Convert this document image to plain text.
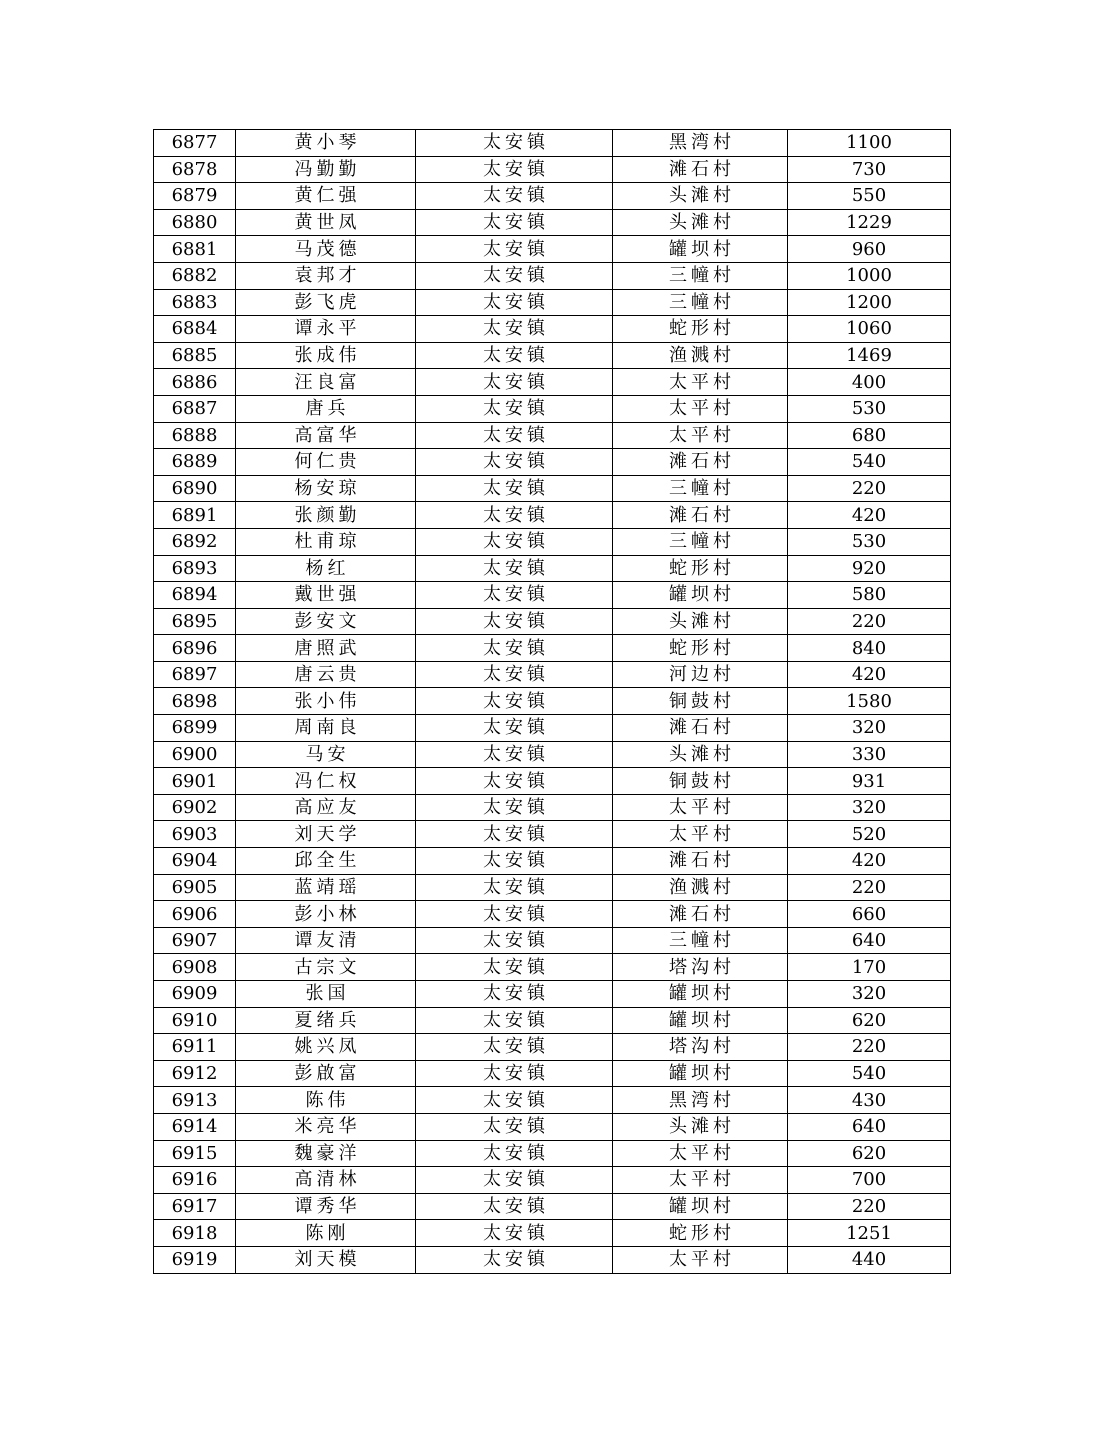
6877	黄小琴	太安镇	黑湾村	1100
6878	冯勤勤	太安镇	滩石村	730
6879	黄仁强	太安镇	头滩村	550
6880	黄世凤	太安镇	头滩村	1229
6881	马茂德	太安镇	罐坝村	960
6882	袁邦才	太安镇	三幢村	1000
6883	彭飞虎	太安镇	三幢村	1200
6884	谭永平	太安镇	蛇形村	1060
6885	张成伟	太安镇	渔溅村	1469
6886	汪良富	太安镇	太平村	400
6887	唐兵	太安镇	太平村	530
6888	高富华	太安镇	太平村	680
6889	何仁贵	太安镇	滩石村	540
6890	杨安琼	太安镇	三幢村	220
6891	张颜勤	太安镇	滩石村	420
6892	杜甫琼	太安镇	三幢村	530
6893	杨红	太安镇	蛇形村	920
6894	戴世强	太安镇	罐坝村	580
6895	彭安文	太安镇	头滩村	220
6896	唐照武	太安镇	蛇形村	840
6897	唐云贵	太安镇	河边村	420
6898	张小伟	太安镇	铜鼓村	1580
6899	周南良	太安镇	滩石村	320
6900	马安	太安镇	头滩村	330
6901	冯仁权	太安镇	铜鼓村	931
6902	高应友	太安镇	太平村	320
6903	刘天学	太安镇	太平村	520
6904	邱全生	太安镇	滩石村	420
6905	蓝靖瑶	太安镇	渔溅村	220
6906	彭小林	太安镇	滩石村	660
6907	谭友清	太安镇	三幢村	640
6908	古宗文	太安镇	塔沟村	170
6909	张国	太安镇	罐坝村	320
6910	夏绪兵	太安镇	罐坝村	620
6911	姚兴凤	太安镇	塔沟村	220
6912	彭啟富	太安镇	罐坝村	540
6913	陈伟	太安镇	黑湾村	430
6914	米亮华	太安镇	头滩村	640
6915	魏豪洋	太安镇	太平村	620
6916	高清林	太安镇	太平村	700
6917	谭秀华	太安镇	罐坝村	220
6918	陈刚	太安镇	蛇形村	1251
6919	刘天模	太安镇	太平村	440
